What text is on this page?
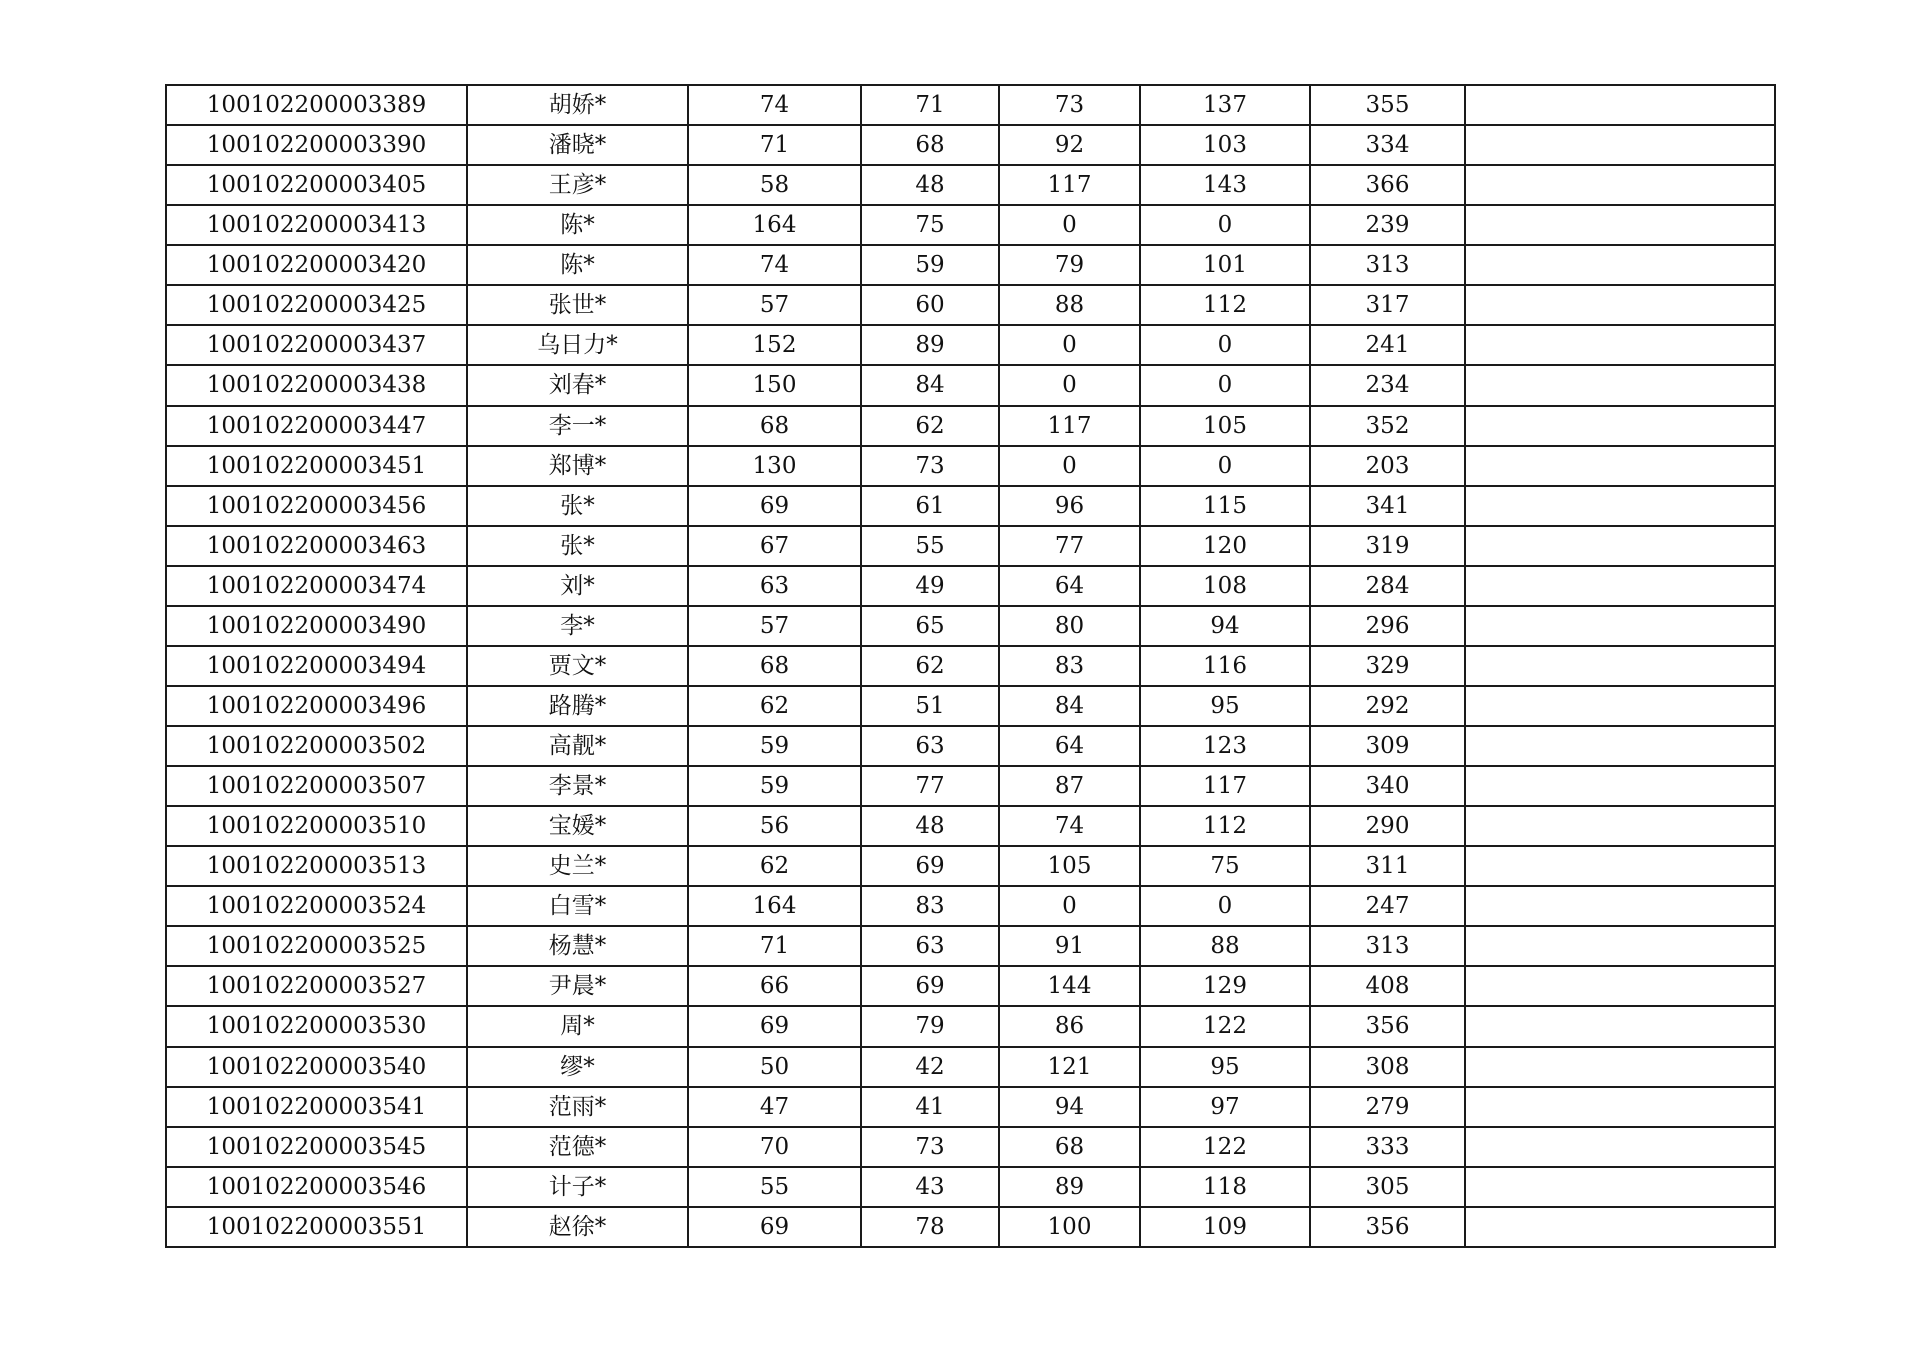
100102200003389	胡娇*	74	71	73	137	355	
100102200003390	潘晓*	71	68	92	103	334	
100102200003405	王彦*	58	48	117	143	366	
100102200003413	陈*	164	75	0	0	239	
100102200003420	陈*	74	59	79	101	313	
100102200003425	张世*	57	60	88	112	317	
100102200003437	乌日力*	152	89	0	0	241	
100102200003438	刘春*	150	84	0	0	234	
100102200003447	李一*	68	62	117	105	352	
100102200003451	郑博*	130	73	0	0	203	
100102200003456	张*	69	61	96	115	341	
100102200003463	张*	67	55	77	120	319	
100102200003474	刘*	63	49	64	108	284	
100102200003490	李*	57	65	80	94	296	
100102200003494	贾文*	68	62	83	116	329	
100102200003496	路腾*	62	51	84	95	292	
100102200003502	高靓*	59	63	64	123	309	
100102200003507	李景*	59	77	87	117	340	
100102200003510	宝媛*	56	48	74	112	290	
100102200003513	史兰*	62	69	105	75	311	
100102200003524	白雪*	164	83	0	0	247	
100102200003525	杨慧*	71	63	91	88	313	
100102200003527	尹晨*	66	69	144	129	408	
100102200003530	周*	69	79	86	122	356	
100102200003540	缪*	50	42	121	95	308	
100102200003541	范雨*	47	41	94	97	279	
100102200003545	范德*	70	73	68	122	333	
100102200003546	计子*	55	43	89	118	305	
100102200003551	赵徐*	69	78	100	109	356	
